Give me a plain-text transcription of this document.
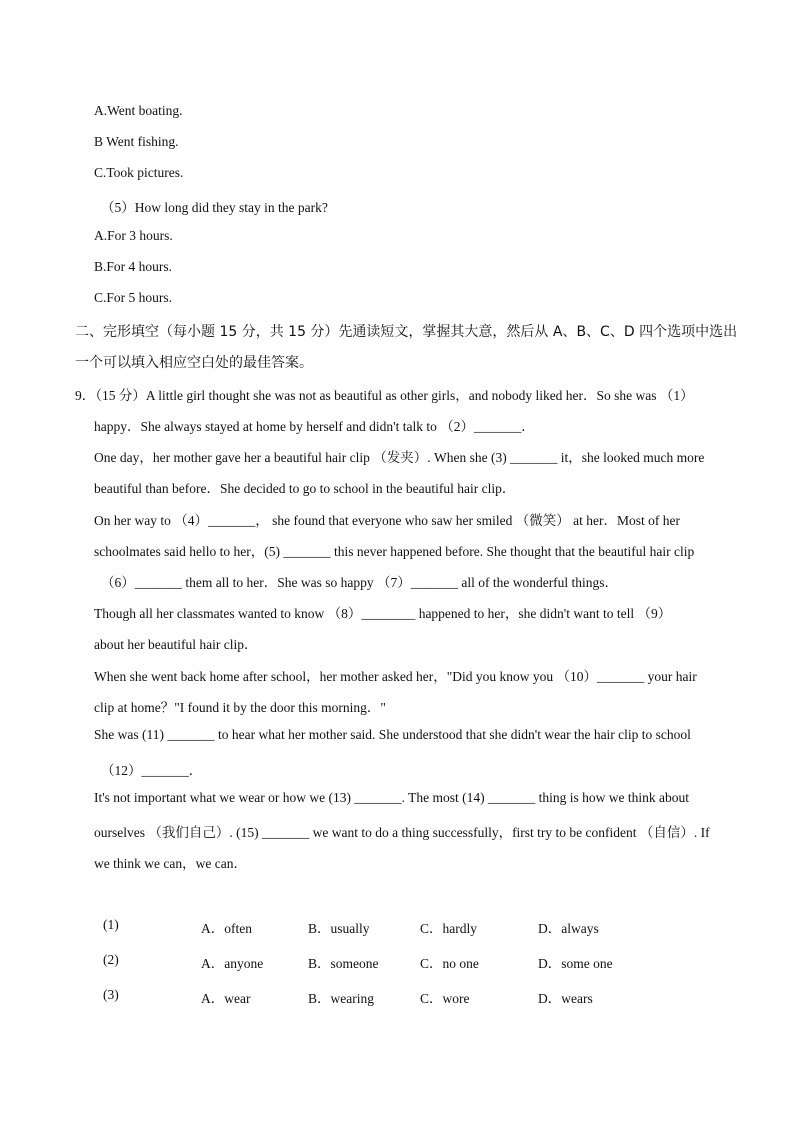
A.Went boating.
B Went fishing.
C.Took pictures.
（5）How long did they stay in the park?
A.For 3 hours.
B.For 4 hours.
C.For 5 hours.
二、完形填空（每小题 15 分，共 15 分）先通读短文，掌握其大意，然后从 A、B、C、D 四个选项中选出
一个可以填入相应空白处的最佳答案。
9．（15 分）A little girl thought she was not as beautiful as other girls，and nobody liked her．So she was （1）
happy．She always stayed at home by herself and didn't talk to （2）_______．
One day，her mother gave her a beautiful hair clip （发夹）. When she (3) _______ it，she looked much more
beautiful than before．She decided to go to school in the beautiful hair clip．
On her way to （4）_______， she found that everyone who saw her smiled （微笑） at her．Most of her
schoolmates said hello to her，(5) _______ this never happened before. She thought that the beautiful hair clip
（6）_______ them all to her．She was so happy （7）_______ all of the wonderful things．
Though all her classmates wanted to know （8）________ happened to her，she didn't want to tell （9）
about her beautiful hair clip．
When she went back home after school，her mother asked her，"Did you know you （10）_______ your hair
clip at home？"I found it by the door this morning．"
She was (11) _______ to hear what her mother said. She understood that she didn't wear the hair clip to school
（12）_______．
It's not important what we wear or how we (13) _______. The most (14) _______ thing is how we think about
ourselves （我们自己）. (15) _______ we want to do a thing successfully，first try to be confident （自信）. If
we think we can，we can．
(1)	A．often	B．usually	C．hardly	D．always
(2)	A．anyone	B．someone	C．no one	D．some one
(3)	A．wear	B．wearing	C．wore	D．wears
